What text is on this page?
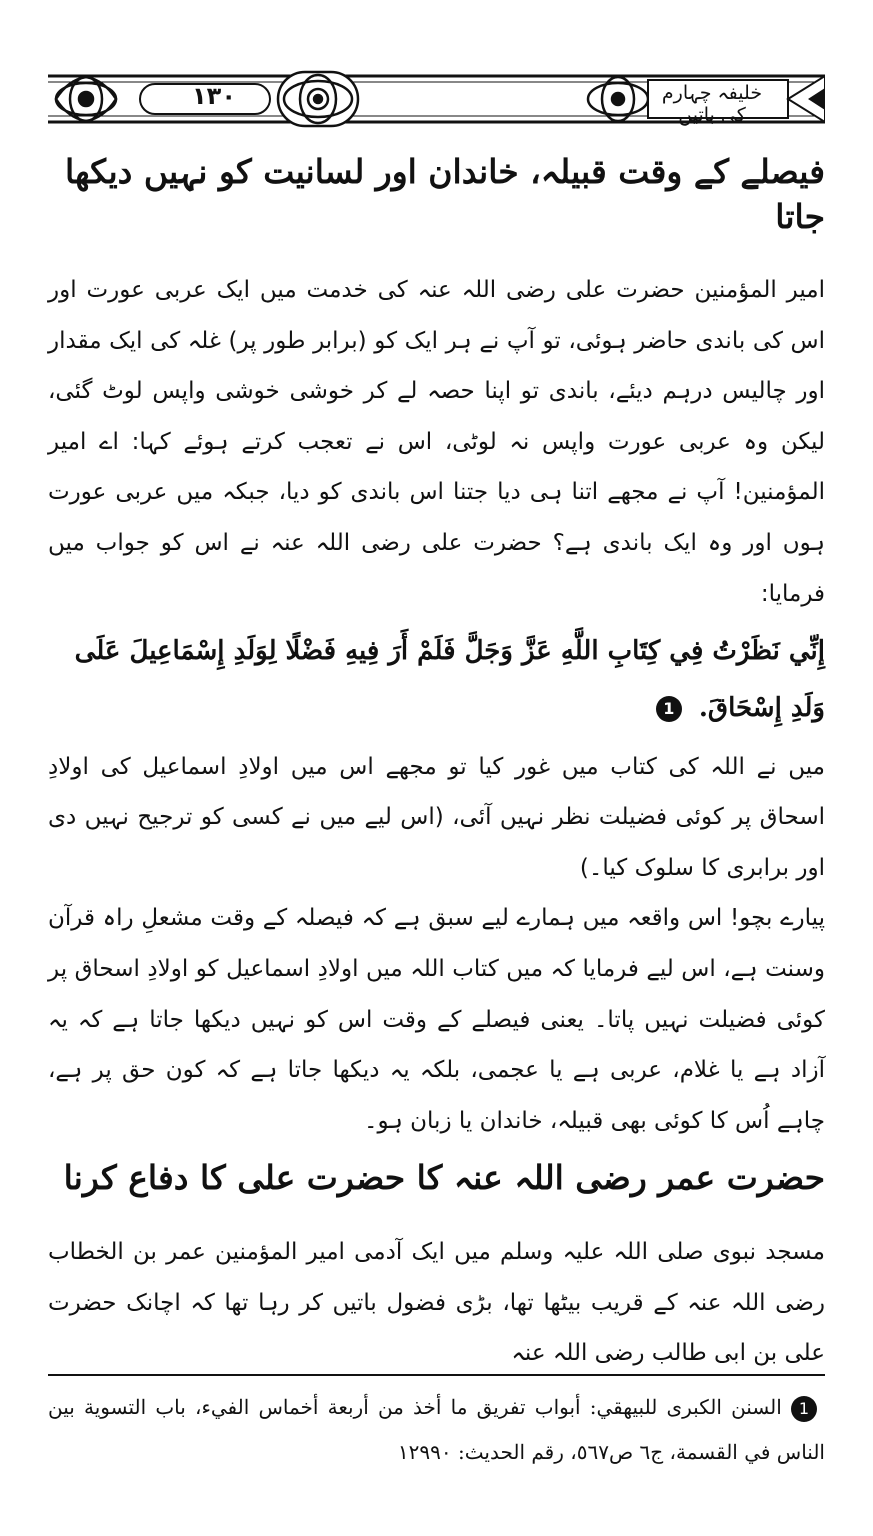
۱۳۰	خلیفہ چہارم کی باتیں
فیصلے کے وقت قبیلہ، خاندان اور لسانیت کو نہیں دیکھا جاتا

امیر المؤمنین حضرت علی رضی اللہ عنہ کی خدمت میں ایک عربی عورت اور اس کی باندی حاضر ہوئی، تو آپ نے ہر ایک کو (برابر طور پر) غلہ کی ایک مقدار اور چالیس درہم دیئے، باندی تو اپنا حصہ لے کر خوشی خوشی واپس لوٹ گئی، لیکن وہ عربی عورت واپس نہ لوٹی، اس نے تعجب کرتے ہوئے کہا: اے امیر المؤمنین! آپ نے مجھے اتنا ہی دیا جتنا اس باندی کو دیا، جبکہ میں عربی عورت ہوں اور وہ ایک باندی ہے؟ حضرت علی رضی اللہ عنہ نے اس کو جواب میں فرمایا:

إِنِّي نَظَرْتُ فِي كِتَابِ اللَّهِ عَزَّ وَجَلَّ فَلَمْ أَرَ فِيهِ فَضْلًا لِوَلَدِ إِسْمَاعِيلَ عَلَى وَلَدِ إِسْحَاقَ. 1

میں نے اللہ کی کتاب میں غور کیا تو مجھے اس میں اولادِ اسماعیل کی اولادِ اسحاق پر کوئی فضیلت نظر نہیں آئی، (اس لیے میں نے کسی کو ترجیح نہیں دی اور برابری کا سلوک کیا۔)

پیارے بچو! اس واقعہ میں ہمارے لیے سبق ہے کہ فیصلہ کے وقت مشعلِ راہ قرآن وسنت ہے، اس لیے فرمایا کہ میں کتاب اللہ میں اولادِ اسماعیل کو اولادِ اسحاق پر کوئی فضیلت نہیں پاتا۔ یعنی فیصلے کے وقت اس کو نہیں دیکھا جاتا ہے کہ یہ آزاد ہے یا غلام، عربی ہے یا عجمی، بلکہ یہ دیکھا جاتا ہے کہ کون حق پر ہے، چاہے اُس کا کوئی بھی قبیلہ، خاندان یا زبان ہو۔

حضرت عمر رضی اللہ عنہ کا حضرت علی کا دفاع کرنا

مسجد نبوی صلی اللہ علیہ وسلم میں ایک آدمی امیر المؤمنین عمر بن الخطاب رضی اللہ عنہ کے قریب بیٹھا تھا، بڑی فضول باتیں کر رہا تھا کہ اچانک حضرت علی بن ابی طالب رضی اللہ عنہ

1 السنن الكبرى للبيهقي: أبواب تفريق ما أخذ من أربعة أخماس الفيء، باب التسوية بين الناس في القسمة، ج٦ ص٥٦٧، رقم الحديث: ١٢٩٩٠
